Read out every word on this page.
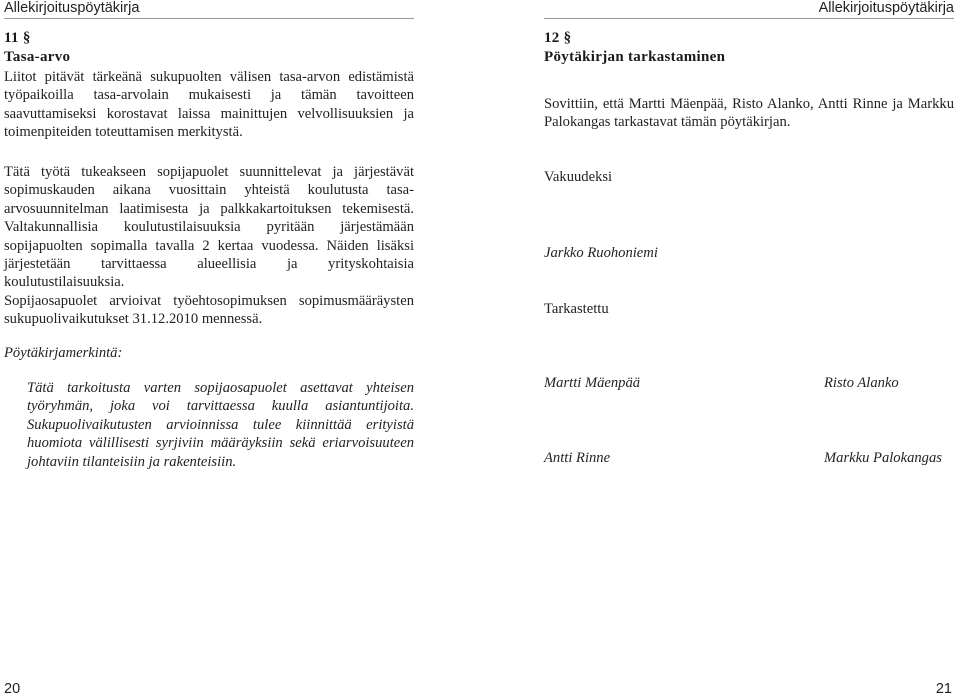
Allekirjoituspöytäkirja
11 §
Tasa-arvo

Liitot pitävät tärkeänä sukupuolten välisen tasa-arvon edistämistä työpaikoilla tasa-arvolain mukaisesti ja tämän tavoitteen saavuttamiseksi korostavat laissa mainittujen velvollisuuksien ja toimenpiteiden toteuttamisen merkitystä.

Tätä työtä tukeakseen sopijapuolet suunnittelevat ja järjestävät sopimuskauden aikana vuosittain yhteistä koulutusta tasa-arvosuunnitelman laatimisesta ja palkkakartoituksen tekemisestä. Valtakunnallisia koulutustilaisuuksia pyritään järjestämään sopijapuolten sopimalla tavalla 2 kertaa vuodessa. Näiden lisäksi järjestetään tarvittaessa alueellisia ja yrityskohtaisia koulutustilaisuuksia.

Sopijaosapuolet arvioivat työehtosopimuksen sopimusmääräysten sukupuolivaikutukset 31.12.2010 mennessä.

Pöytäkirjamerkintä:

Tätä tarkoitusta varten sopijaosapuolet asettavat yhteisen työryhmän, joka voi tarvittaessa kuulla asiantuntijoita. Sukupuolivaikutusten arvioinnissa tulee kiinnittää erityistä huomiota välillisesti syrjiviin määräyksiin sekä eriarvoisuuteen johtaviin tilanteisiin ja rakenteisiin.

20
Allekirjoituspöytäkirja
12 §
Pöytäkirjan tarkastaminen

Sovittiin, että Martti Mäenpää, Risto Alanko, Antti Rinne ja Markku Palokangas tarkastavat tämän pöytäkirjan.

Vakuudeksi
Jarkko Ruohoniemi
Tarkastettu
Martti Mäenpää	Risto Alanko
Antti Rinne	Markku Palokangas
21
